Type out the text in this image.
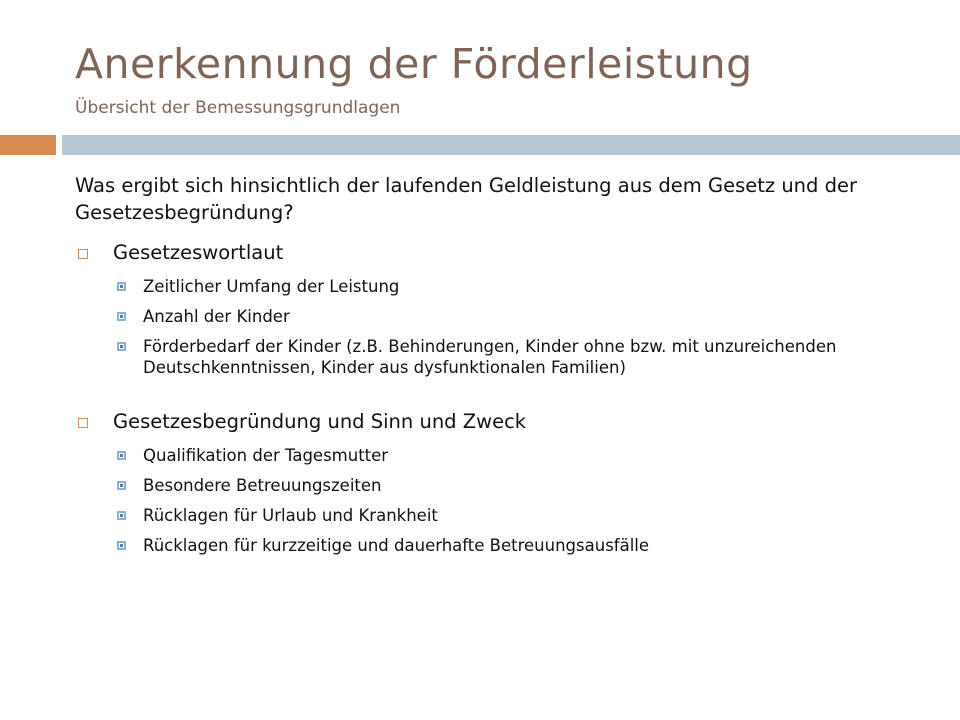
Anerkennung der Förderleistung
Übersicht der Bemessungsgrundlagen
Was ergibt sich hinsichtlich der laufenden Geldleistung aus dem Gesetz und der Gesetzesbegründung?
Gesetzeswortlaut
Zeitlicher Umfang der Leistung
Anzahl der Kinder
Förderbedarf der Kinder (z.B. Behinderungen, Kinder ohne bzw. mit unzureichenden Deutschkenntnissen, Kinder aus dysfunktionalen Familien)
Gesetzesbegründung und Sinn und Zweck
Qualifikation der Tagesmutter
Besondere Betreuungszeiten
Rücklagen für Urlaub und Krankheit
Rücklagen für kurzzeitige und dauerhafte Betreuungsausfälle
